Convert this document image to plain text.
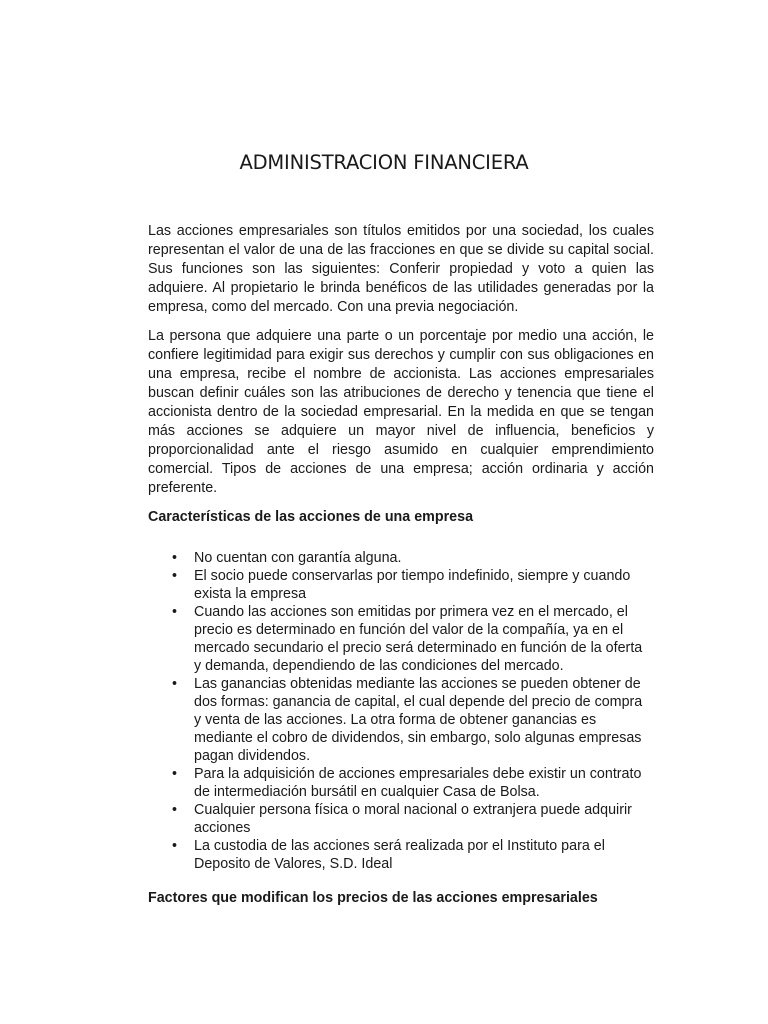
ADMINISTRACION FINANCIERA

Las acciones empresariales son títulos emitidos por una sociedad, los cuales representan el valor de una de las fracciones en que se divide su capital social. Sus funciones son las siguientes: Conferir propiedad y voto a quien las adquiere. Al propietario le brinda benéficos de las utilidades generadas por la empresa, como del mercado. Con una previa negociación.

La persona que adquiere una parte o un porcentaje por medio una acción, le confiere legitimidad para exigir sus derechos y cumplir con sus obligaciones en una empresa, recibe el nombre de accionista. Las acciones empresariales buscan definir cuáles son las atribuciones de derecho y tenencia que tiene el accionista dentro de la sociedad empresarial. En la medida en que se tengan más acciones se adquiere un mayor nivel de influencia, beneficios y proporcionalidad ante el riesgo asumido en cualquier emprendimiento comercial. Tipos de acciones de una empresa; acción ordinaria y acción preferente.

Características de las acciones de una empresa
• No cuentan con garantía alguna.
• El socio puede conservarlas por tiempo indefinido, siempre y cuando exista la empresa
• Cuando las acciones son emitidas por primera vez en el mercado, el precio es determinado en función del valor de la compañía, ya en el mercado secundario el precio será determinado en función de la oferta y demanda, dependiendo de las condiciones del mercado.
• Las ganancias obtenidas mediante las acciones se pueden obtener de dos formas: ganancia de capital, el cual depende del precio de compra y venta de las acciones. La otra forma de obtener ganancias es mediante el cobro de dividendos, sin embargo, solo algunas empresas pagan dividendos.
• Para la adquisición de acciones empresariales debe existir un contrato de intermediación bursátil en cualquier Casa de Bolsa.
• Cualquier persona física o moral nacional o extranjera puede adquirir acciones
• La custodia de las acciones será realizada por el Instituto para el Deposito de Valores, S.D. Ideal
Factores que modifican los precios de las acciones empresariales
